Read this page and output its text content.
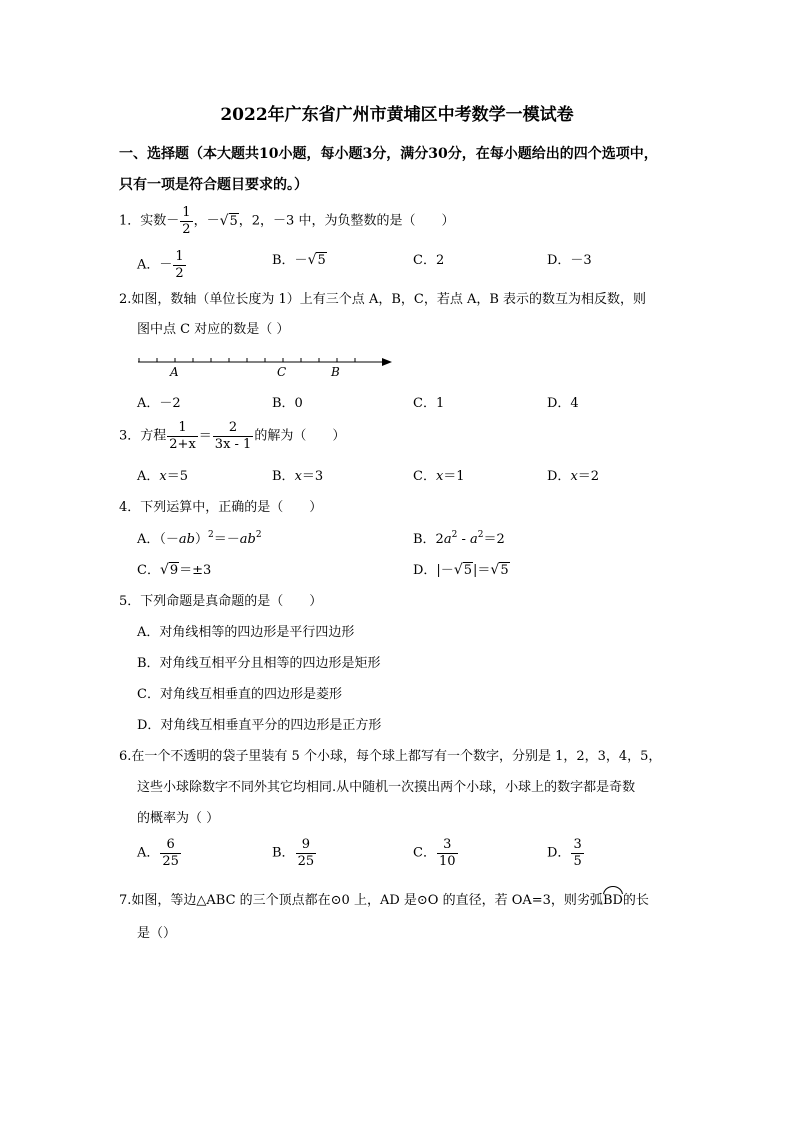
2022年广东省广州市黄埔区中考数学一模试卷
一、选择题（本大题共10小题，每小题3分，满分30分，在每小题给出的四个选项中，
只有一项是符合题目要求的。）
1．实数－ $\frac{1}{2}$ ，－√5，2，－3 中，为负整数的是（　　）
A．－ $\frac{1}{2}$	B．－√5	C．2	D．－3
2.如图，数轴（单位长度为 1）上有三个点 A，B，C，若点 A，B 表示的数互为相反数，则
图中点 C 对应的数是（ ）
A	C	B
A．－2	B．0	C．1	D．4
3．方程 $\frac{1}{2+x} = \frac{2}{3x - 1}$ 的解为（　　）
A．x＝5	B．x＝3	C．x＝1	D．x＝2
4．下列运算中，正确的是（　　）
A．$(-ab)^2=-ab^2$	B．$2a^2 - a^2=2$
C．√9＝±3	D．|－√5|＝√5
5．下列命题是真命题的是（　　）
A．对角线相等的四边形是平行四边形
B．对角线互相平分且相等的四边形是矩形
C．对角线互相垂直的四边形是菱形
D．对角线互相垂直平分的四边形是正方形
6.在一个不透明的袋子里装有 5 个小球，每个球上都写有一个数字，分别是 1，2，3，4，5，
这些小球除数字不同外其它均相同.从中随机一次摸出两个小球，小球上的数字都是奇数
的概率为（ ）
A． $\frac{6}{25}$	B． $\frac{9}{25}$	C． $\frac{3}{10}$	D． $\frac{3}{5}$
7.如图，等边△ABC 的三个顶点都在⊙0 上，AD 是⊙O 的直径，若 OA=3，则劣弧
BD的长
是（）
